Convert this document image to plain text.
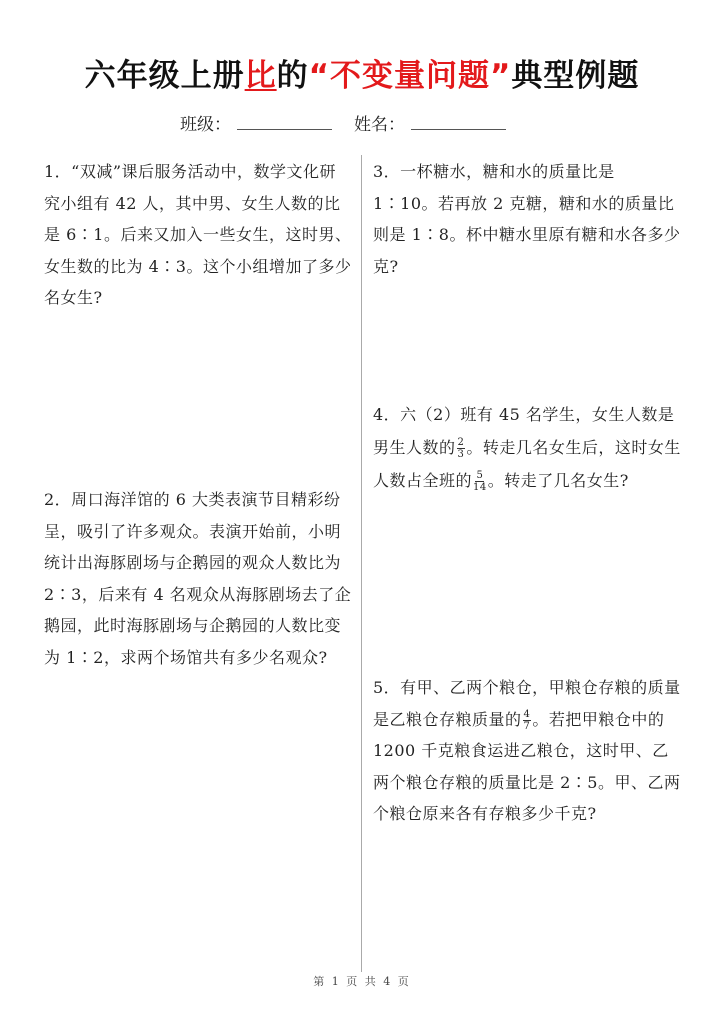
六年级上册比的“不变量问题”典型例题
班级：	姓名：
1．“双减”课后服务活动中，数学文化研究小组有 42 人，其中男、女生人数的比是 6∶1。后来又加入一些女生，这时男、女生数的比为 4∶3。这个小组增加了多少名女生?
2．周口海洋馆的 6 大类表演节目精彩纷呈，吸引了许多观众。表演开始前，小明统计出海豚剧场与企鹅园的观众人数比为 2∶3，后来有 4 名观众从海豚剧场去了企鹅园，此时海豚剧场与企鹅园的人数比变为 1∶2，求两个场馆共有多少名观众?
3．一杯糖水，糖和水的质量比是 1∶10。若再放 2 克糖，糖和水的质量比则是 1∶8。杯中糖水里原有糖和水各多少克?
4．六（2）班有 45 名学生，女生人数是男生人数的 $\frac{2}{3}$ 。转走几名女生后，这时女生人数占全班的 $\frac{5}{14}$ 。转走了几名女生?
5．有甲、乙两个粮仓，甲粮仓存粮的质量是乙粮仓存粮质量的 $\frac{4}{7}$ 。若把甲粮仓中的 1200 千克粮食运进乙粮仓，这时甲、乙两个粮仓存粮的质量比是 2∶5。甲、乙两个粮仓原来各有存粮多少千克?
第 1 页 共 4 页
